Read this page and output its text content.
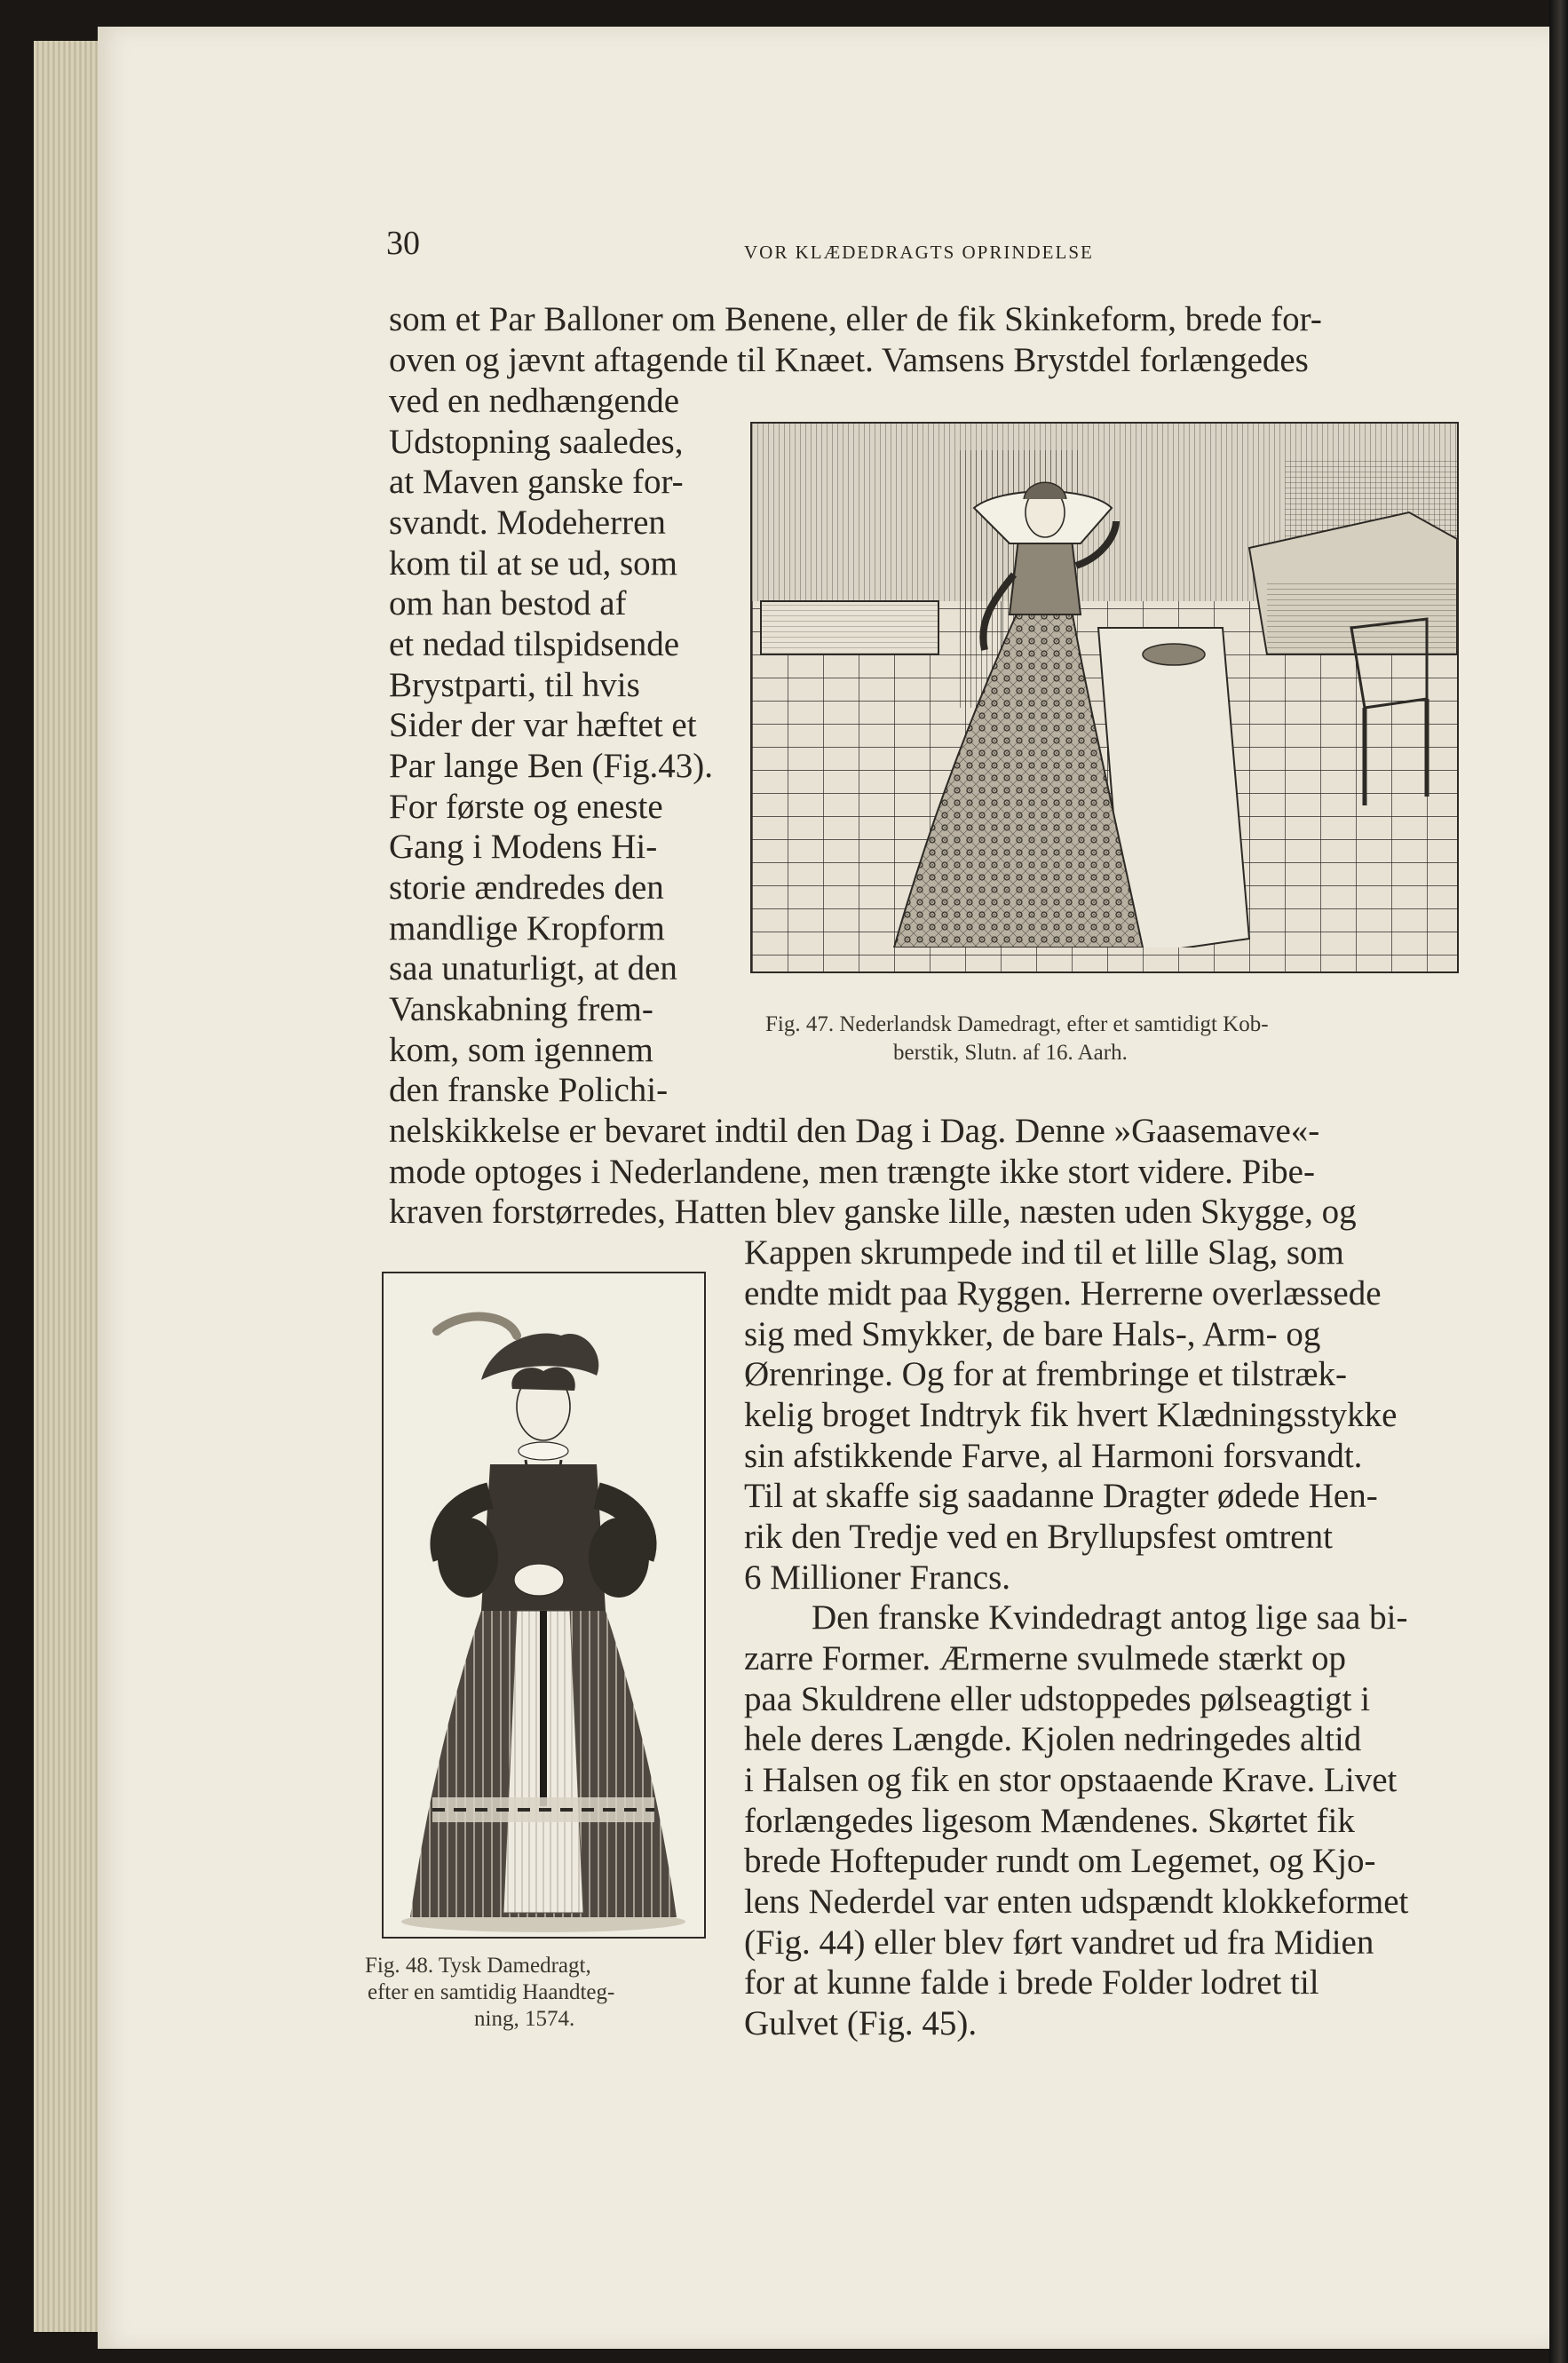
30	VOR KLÆDEDRAGTS OPRINDELSE
som et Par Balloner om Benene, eller de fik Skinkeform, brede for-
oven og jævnt aftagende til Knæet. Vamsens Brystdel forlængedes
ved en nedhængende
Udstopning saaledes,
at Maven ganske for-
svandt. Modeherren
kom til at se ud, som
om han bestod af
et nedad tilspidsende
Brystparti, til hvis
Sider der var hæftet et
Par lange Ben (Fig.43).
For første og eneste
Gang i Modens Hi-
storie ændredes den
mandlige Kropform
saa unaturligt, at den
Vanskabning frem-
kom, som igennem
den franske Polichi-
nelskikkelse er bevaret indtil den Dag i Dag. Denne »Gaasemave«-
mode optoges i Nederlandene, men trængte ikke stort videre. Pibe-
kraven forstørredes, Hatten blev ganske lille, næsten uden Skygge, og
Kappen skrumpede ind til et lille Slag, som
endte midt paa Ryggen. Herrerne overlæssede
sig med Smykker, de bare Hals-, Arm- og
Ørenringe. Og for at frembringe et tilstræk-
kelig broget Indtryk fik hvert Klædningsstykke
sin afstikkende Farve, al Harmoni forsvandt.
Til at skaffe sig saadanne Dragter ødede Hen-
rik den Tredje ved en Bryllupsfest omtrent
6 Millioner Francs.
Den franske Kvindedragt antog lige saa bi-
zarre Former. Ærmerne svulmede stærkt op
paa Skuldrene eller udstoppedes pølseagtigt i
hele deres Længde. Kjolen nedringedes altid
i Halsen og fik en stor opstaaende Krave. Livet
forlængedes ligesom Mændenes. Skørtet fik
brede Hoftepuder rundt om Legemet, og Kjo-
lens Nederdel var enten udspændt klokkeformet
(Fig. 44) eller blev ført vandret ud fra Midien
for at kunne falde i brede Folder lodret til
Gulvet (Fig. 45).
Fig. 47. Nederlandsk Damedragt, efter et samtidigt Kob-
berstik, Slutn. af 16. Aarh.
Fig. 48. Tysk Damedragt,
efter en samtidig Haandteg-
ning, 1574.
